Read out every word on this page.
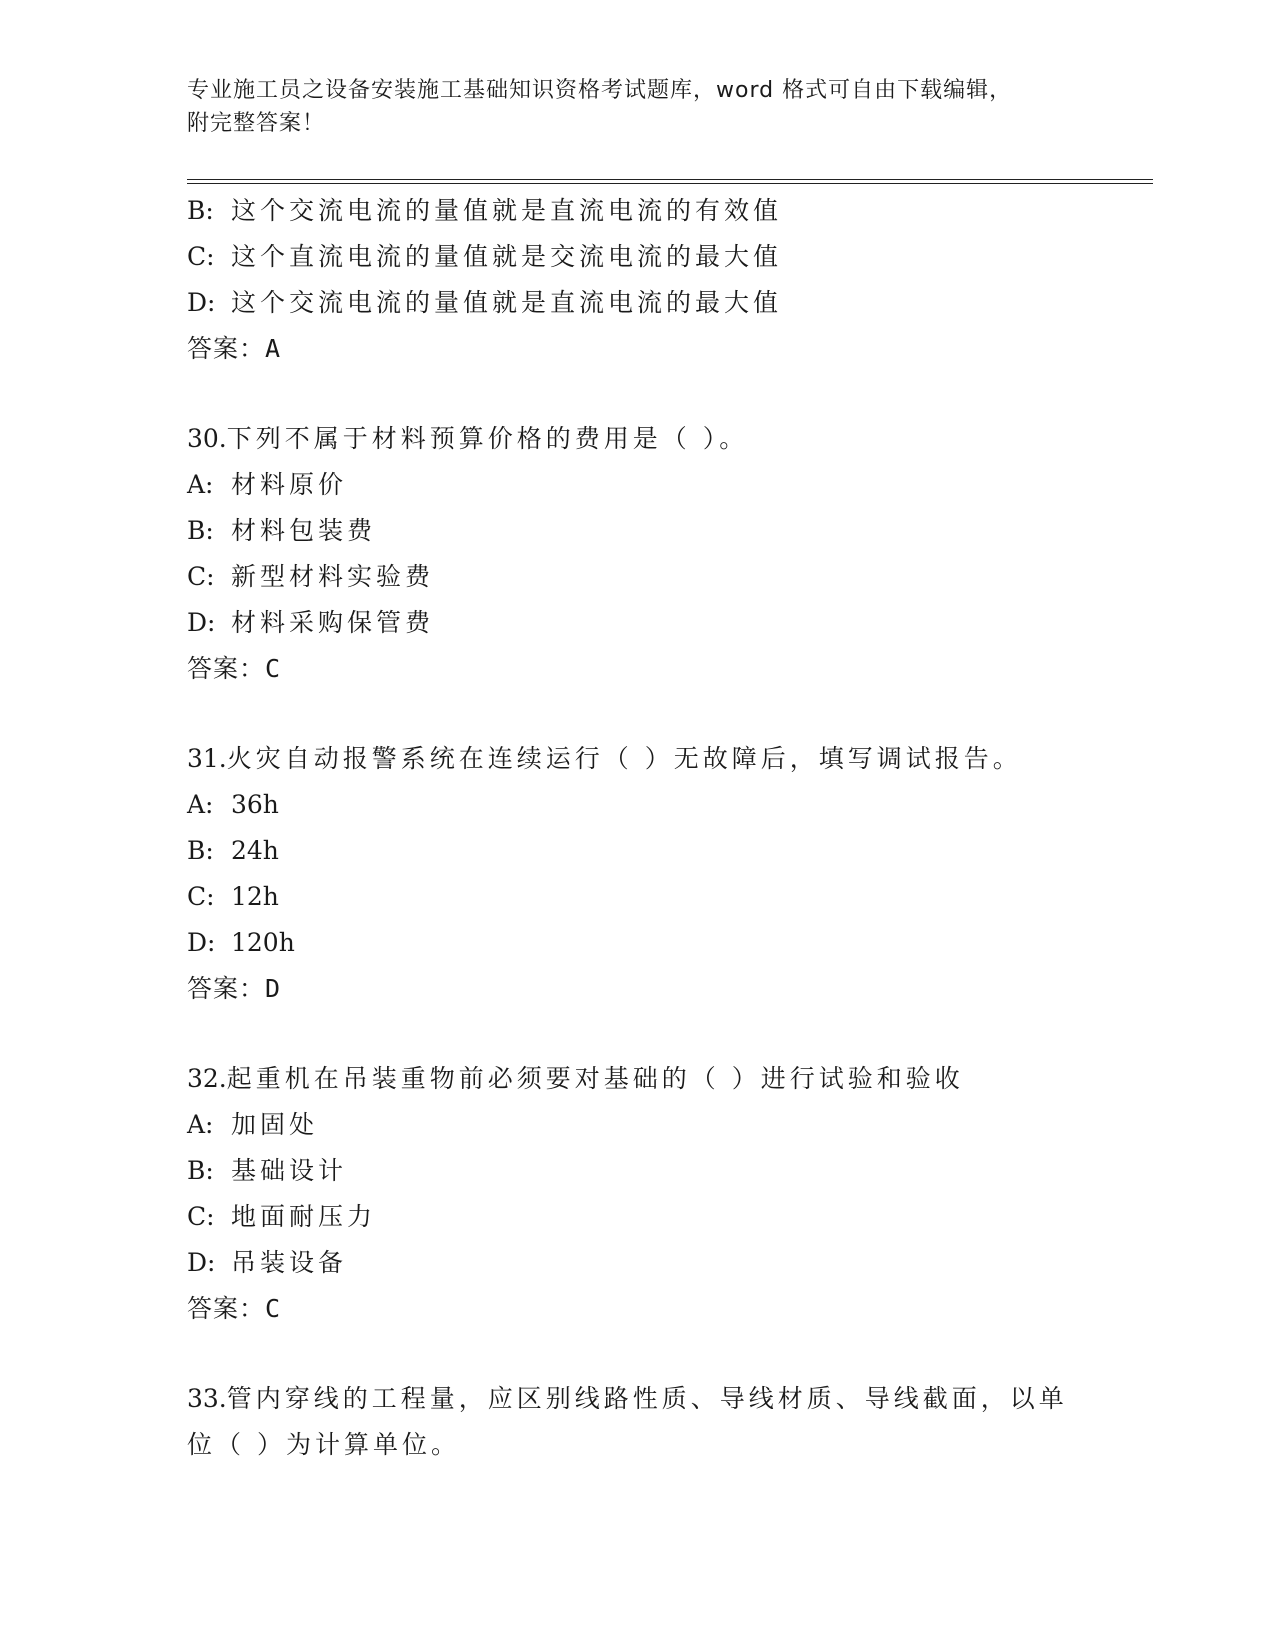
专业施工员之设备安装施工基础知识资格考试题库，word 格式可自由下载编辑，
附完整答案！
B: 这个交流电流的量值就是直流电流的有效值
C: 这个直流电流的量值就是交流电流的最大值
D: 这个交流电流的量值就是直流电流的最大值
答案：A
30.下列不属于材料预算价格的费用是（ ）。
A: 材料原价
B: 材料包装费
C: 新型材料实验费
D: 材料采购保管费
答案：C
31.火灾自动报警系统在连续运行（ ）无故障后，填写调试报告。
A: 36h
B: 24h
C: 12h
D: 120h
答案：D
32.起重机在吊装重物前必须要对基础的（ ）进行试验和验收
A: 加固处
B: 基础设计
C: 地面耐压力
D: 吊装设备
答案：C
33.管内穿线的工程量，应区别线路性质、导线材质、导线截面，以单
位（ ）为计算单位。
